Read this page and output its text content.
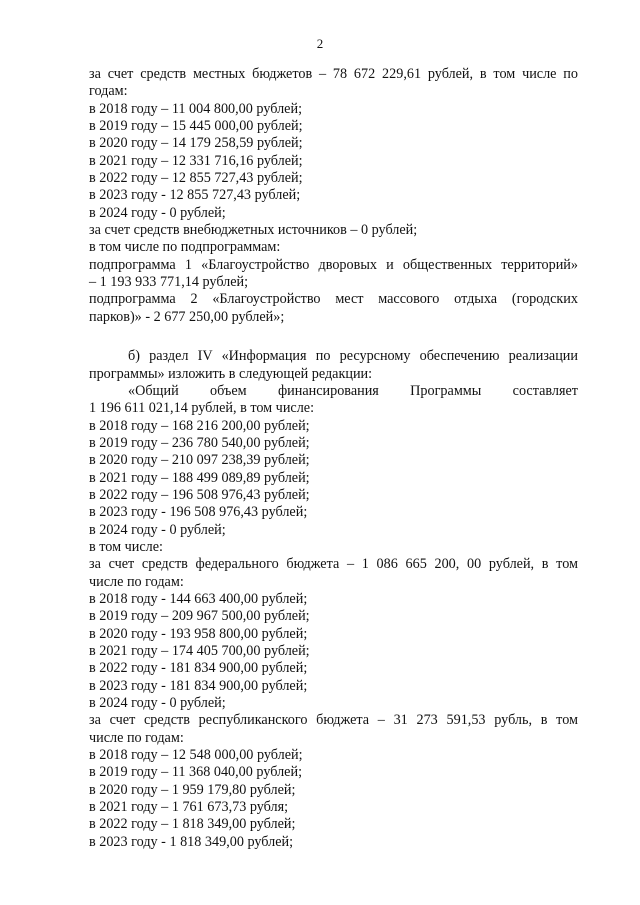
2
за счет средств местных бюджетов – 78 672 229,61 рублей, в том числе по
годам:
в 2018 году – 11 004 800,00 рублей;
в 2019 году – 15 445 000,00 рублей;
в 2020 году – 14 179 258,59 рублей;
в 2021 году – 12 331 716,16 рублей;
в 2022 году – 12 855 727,43 рублей;
в 2023 году - 12 855 727,43 рублей;
в 2024 году - 0 рублей;
за счет средств внебюджетных источников – 0 рублей;
в том числе по подпрограммам:
подпрограмма 1 «Благоустройство дворовых и общественных территорий»
– 1 193 933 771,14 рублей;
подпрограмма 2 «Благоустройство мест массового отдыха (городских
парков)» - 2 677 250,00 рублей»;
б) раздел IV «Информация по ресурсному обеспечению реализации
программы» изложить в следующей редакции:
«Общий объем финансирования Программы составляет
1 196 611 021,14 рублей, в том числе:
в 2018 году – 168 216 200,00 рублей;
в 2019 году – 236 780 540,00 рублей;
в 2020 году – 210 097 238,39 рублей;
в 2021 году – 188 499 089,89 рублей;
в 2022 году – 196 508 976,43 рублей;
в 2023 году - 196 508 976,43 рублей;
в 2024 году - 0 рублей;
в том числе:
за счет средств федерального бюджета – 1 086 665 200, 00 рублей, в том
числе по годам:
в 2018 году - 144 663 400,00 рублей;
в 2019 году – 209 967 500,00 рублей;
в 2020 году - 193 958 800,00 рублей;
в 2021 году – 174 405 700,00 рублей;
в 2022 году - 181 834 900,00 рублей;
в 2023 году - 181 834 900,00 рублей;
в 2024 году - 0 рублей;
за счет средств республиканского бюджета – 31 273 591,53 рубль, в том
числе по годам:
в 2018 году – 12 548 000,00 рублей;
в 2019 году – 11 368 040,00 рублей;
в 2020 году – 1 959 179,80 рублей;
в 2021 году – 1 761 673,73 рубля;
в 2022 году – 1 818 349,00 рублей;
в 2023 году - 1 818 349,00 рублей;
